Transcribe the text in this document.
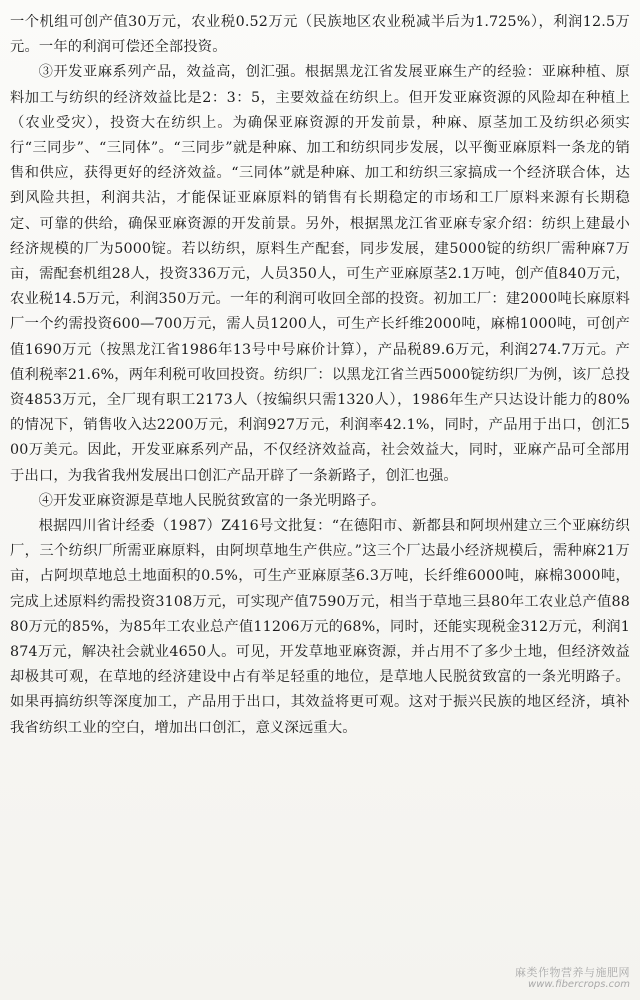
一个机组可创产值30万元，农业税0.52万元（民族地区农业税减半后为1.725%），利润12.5万元。一年的利润可偿还全部投资。

③开发亚麻系列产品，效益高，创汇强。根据黑龙江省发展亚麻生产的经验：亚麻种植、原料加工与纺织的经济效益比是2：3：5，主要效益在纺织上。但开发亚麻资源的风险却在种植上（农业受灾），投资大在纺织上。为确保亚麻资源的开发前景，种麻、原茎加工及纺织必须实行“三同步”、“三同体”。“三同步”就是种麻、加工和纺织同步发展，以平衡亚麻原料一条龙的销售和供应，获得更好的经济效益。“三同体”就是种麻、加工和纺织三家搞成一个经济联合体，达到风险共担，利润共沾，才能保证亚麻原料的销售有长期稳定的市场和工厂原料来源有长期稳定、可靠的供给，确保亚麻资源的开发前景。另外，根据黑龙江省亚麻专家介绍：纺织上建最小经济规模的厂为5000锭。若以纺织，原料生产配套，同步发展，建5000锭的纺织厂需种麻7万亩，需配套机组28人，投资336万元，人员350人，可生产亚麻原茎2.1万吨，创产值840万元，农业税14.5万元，利润350万元。一年的利润可收回全部的投资。初加工厂：建2000吨长麻原料厂一个约需投资600—700万元，需人员1200人，可生产长纤维2000吨，麻棉1000吨，可创产值1690万元（按黑龙江省1986年13号中号麻价计算），产品税89.6万元，利润274.7万元。产值利税率21.6%，两年利税可收回投资。纺织厂：以黑龙江省兰西5000锭纺织厂为例，该厂总投资4853万元，全厂现有职工2173人（按编织只需1320人），1986年生产只达设计能力的80%的情况下，销售收入达2200万元，利润927万元，利润率42.1%，同时，产品用于出口，创汇500万美元。因此，开发亚麻系列产品，不仅经济效益高，社会效益大，同时，亚麻产品可全部用于出口，为我省我州发展出口创汇产品开辟了一条新路子，创汇也强。

④开发亚麻资源是草地人民脱贫致富的一条光明路子。

根据四川省计经委（1987）Z416号文批复：“在德阳市、新都县和阿坝州建立三个亚麻纺织厂，三个纺织厂所需亚麻原料，由阿坝草地生产供应。”这三个厂达最小经济规模后，需种麻21万亩，占阿坝草地总土地面积的0.5%，可生产亚麻原茎6.3万吨，长纤维6000吨，麻棉3000吨，完成上述原料约需投资3108万元，可实现产值7590万元，相当于草地三县80年工农业总产值8880万元的85%，为85年工农业总产值11206万元的68%，同时，还能实现税金312万元，利润1874万元，解决社会就业4650人。可见，开发草地亚麻资源，并占用不了多少土地，但经济效益却极其可观，在草地的经济建设中占有举足轻重的地位，是草地人民脱贫致富的一条光明路子。如果再搞纺织等深度加工，产品用于出口，其效益将更可观。这对于振兴民族的地区经济，填补我省纺织工业的空白，增加出口创汇，意义深远重大。

麻类作物营养与施肥网
www.fibercrops.com
